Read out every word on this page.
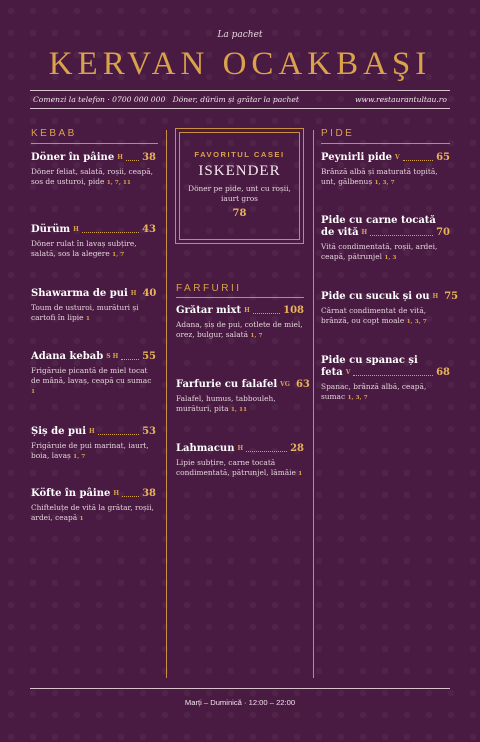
La pachet
KERVAN OCAKBAŞI
Comenzi la telefon · 0700 000 000 Döner, dürüm și grătar la pachet	www.restaurantultau.ro
KEBAB
Döner în pâine H 38
Döner feliat, salată, roșii, ceapă, sos de usturoi, pide 1, 7, 11
Dürüm H	43
Döner rulat în lavaș subțire, salată, sos la alegere 1, 7
Shawarma de pui H 40
Toum de usturoi, murături și cartofi în lipie 1
Adana kebab S H 55
Frigăruie picantă de miel tocat de mână, lavaș, ceapă cu sumac 1
Șiș de pui H	53
Frigăruie de pui marinat, iaurt, boia, lavaș 1, 7
Köfte în pâine H 38
Chifteluțe de vită la grătar, roșii, ardei, ceapă 1
FAVORITUL CASEI
ISKENDER
Döner pe pide, unt cu roșii, iaurt gros
78
FARFURII
Grătar mixt H	108
Adana, șiș de pui, cotlete de miel, orez, bulgur, salată 1, 7
Farfurie cu falafel VG 63
Falafel, humus, tabbouleh, murături, pita 1, 11
Lahmacun H	28
Lipie subțire, carne tocată condimentată, pătrunjel, lămâie 1
PIDE
Peynirli pide V	65
Brânză albă și maturată topită, unt, gălbenuș 1, 3, 7
Pide cu carne tocată
de vită H	70
Vită condimentată, roșii, ardei, ceapă, pătrunjel 1, 3
Pide cu sucuk și ou H 75
Cârnat condimentat de vită, brânză, ou copt moale 1, 3, 7
Pide cu spanac și
feta V	68
Spanac, brânză albă, ceapă, sumac 1, 3, 7
Marți – Duminică · 12:00 – 22:00
